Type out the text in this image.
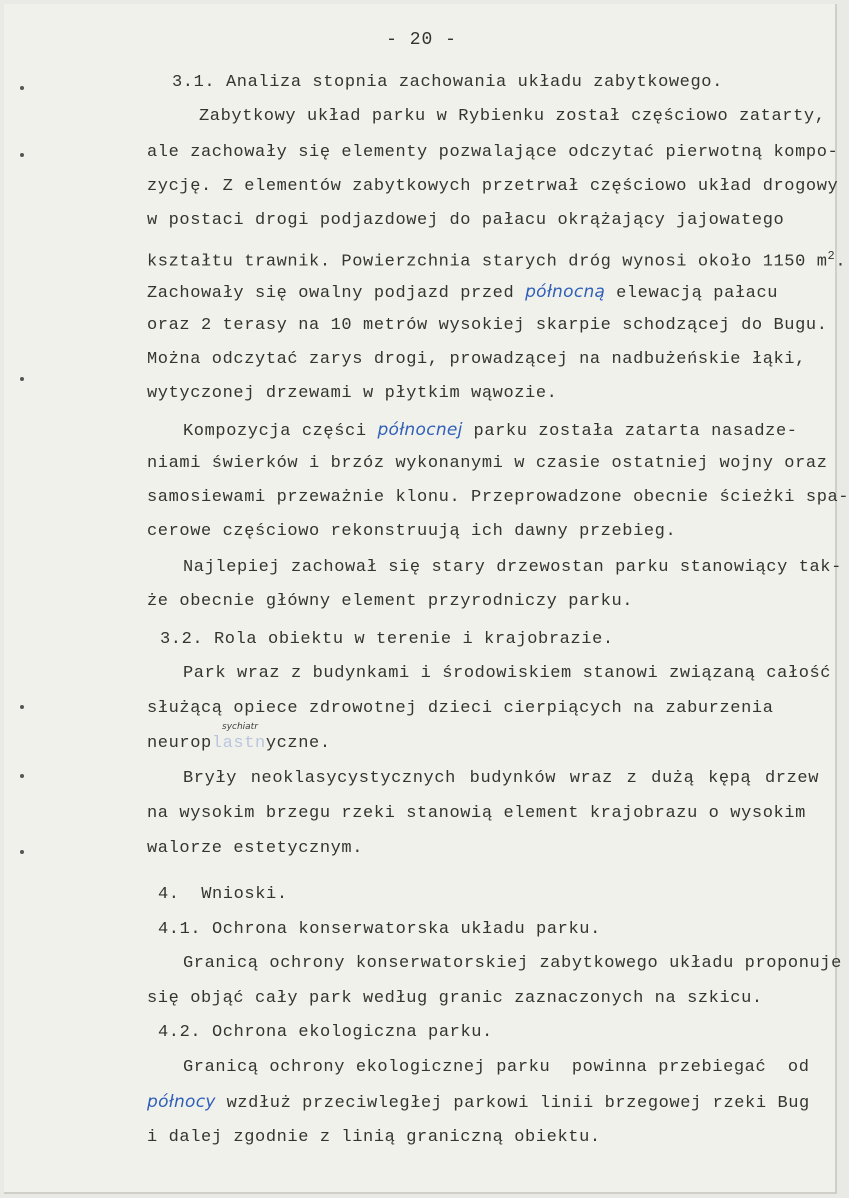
- 20 -

3.1. Analiza stopnia zachowania układu zabytkowego.

Zabytkowy układ parku w Rybienku został częściowo zatarty,

ale zachowały się elementy pozwalające odczytać pierwotną kompo-

zycję. Z elementów zabytkowych przetrwał częściowo układ drogowy

w postaci drogi podjazdowej do pałacu okrążający jajowatego

kształtu trawnik. Powierzchnia starych dróg wynosi około 1150 $m^2$.

Zachowały się owalny podjazd przed północną elewacją pałacu

oraz 2 terasy na 10 metrów wysokiej skarpie schodzącej do Bugu.

Można odczytać zarys drogi, prowadzącej na nadbużeńskie łąki,

wytyczonej drzewami w płytkim wąwozie.

Kompozycja części północnej parku została zatarta nasadze-

niami świerków i brzóz wykonanymi w czasie ostatniej wojny oraz

samosiewami przeważnie klonu. Przeprowadzone obecnie ścieżki spa-

cerowe częściowo rekonstruują ich dawny przebieg.

Najlepiej zachował się stary drzewostan parku stanowiący tak-

że obecnie główny element przyrodniczy parku.

3.2. Rola obiektu w terenie i krajobrazie.

Park wraz z budynkami i środowiskiem stanowi związaną całość

służącą opiece zdrowotnej dzieci cierpiących na zaburzenia

sychiatr

neuroplastnyczne.

Bryły neoklasycystycznych budynków wraz z dużą kępą drzew

na wysokim brzegu rzeki stanowią element krajobrazu o wysokim

walorze estetycznym.

4.  Wnioski.

4.1. Ochrona konserwatorska układu parku.

Granicą ochrony konserwatorskiej zabytkowego układu proponuje

się objąć cały park według granic zaznaczonych na szkicu.

4.2. Ochrona ekologiczna parku.

Granicą ochrony ekologicznej parku  powinna przebiegać  od

północy wzdłuż przeciwległej parkowi linii brzegowej rzeki Bug

i dalej zgodnie z linią graniczną obiektu.
